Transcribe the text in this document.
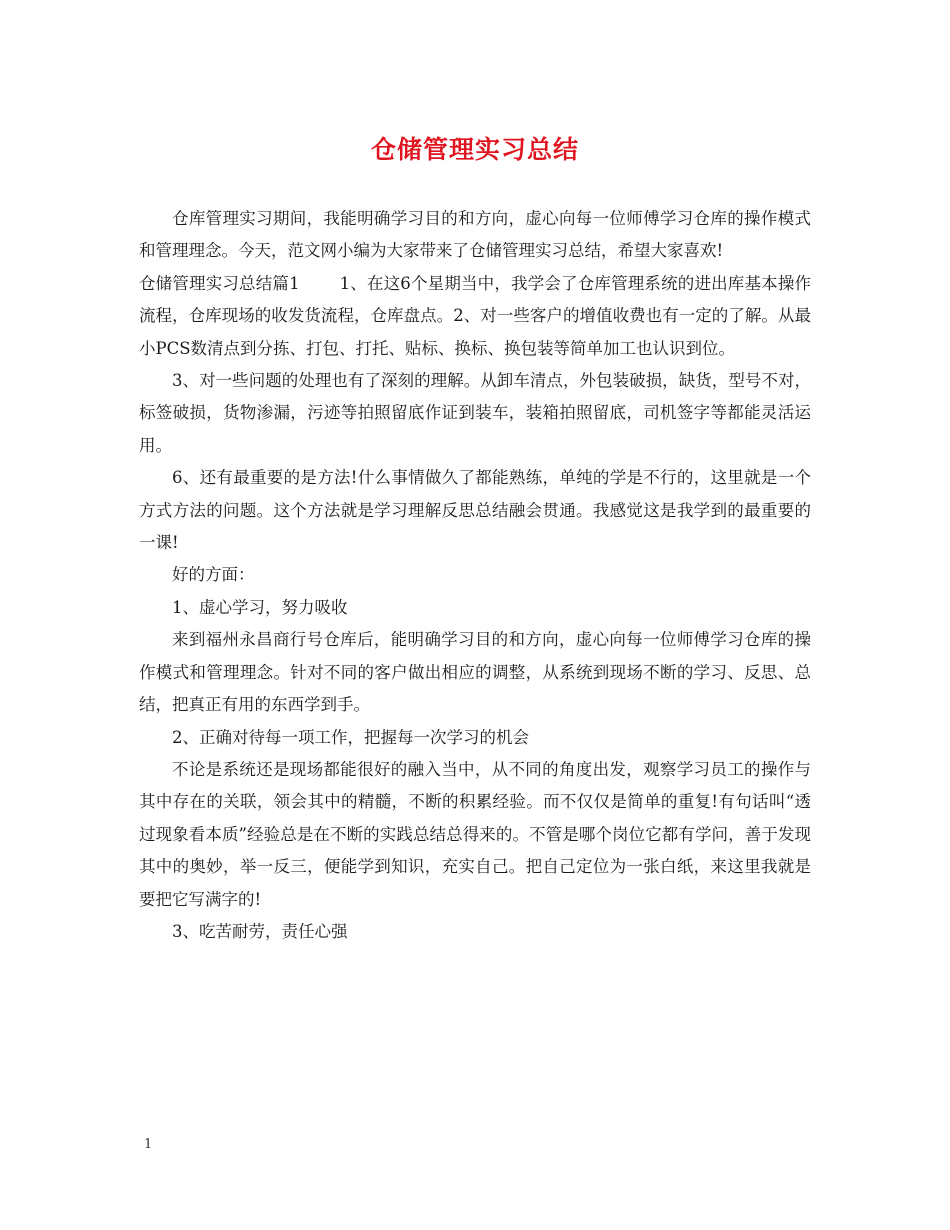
仓储管理实习总结

仓库管理实习期间，我能明确学习目的和方向，虚心向每一位师傅学习仓库的操作模式和管理理念。今天，范文网小编为大家带来了仓储管理实习总结，希望大家喜欢!

仓储管理实习总结篇1 1、在这6个星期当中，我学会了仓库管理系统的进出库基本操作流程，仓库现场的收发货流程，仓库盘点。2、对一些客户的增值收费也有一定的了解。从最小PCS数清点到分拣、打包、打托、贴标、换标、换包装等简单加工也认识到位。

3、对一些问题的处理也有了深刻的理解。从卸车清点，外包装破损，缺货，型号不对，标签破损，货物渗漏，污迹等拍照留底作证到装车，装箱拍照留底，司机签字等都能灵活运用。

6、还有最重要的是方法!什么事情做久了都能熟练，单纯的学是不行的，这里就是一个方式方法的问题。这个方法就是学习理解反思总结融会贯通。我感觉这是我学到的最重要的一课!

好的方面：

1、虚心学习，努力吸收

来到福州永昌商行号仓库后，能明确学习目的和方向，虚心向每一位师傅学习仓库的操作模式和管理理念。针对不同的客户做出相应的调整，从系统到现场不断的学习、反思、总结，把真正有用的东西学到手。

2、正确对待每一项工作，把握每一次学习的机会

不论是系统还是现场都能很好的融入当中，从不同的角度出发，观察学习员工的操作与其中存在的关联，领会其中的精髓，不断的积累经验。而不仅仅是简单的重复!有句话叫“透过现象看本质”经验总是在不断的实践总结总得来的。不管是哪个岗位它都有学问，善于发现其中的奥妙，举一反三，便能学到知识，充实自己。把自己定位为一张白纸，来这里我就是要把它写满字的!

3、吃苦耐劳，责任心强

1
